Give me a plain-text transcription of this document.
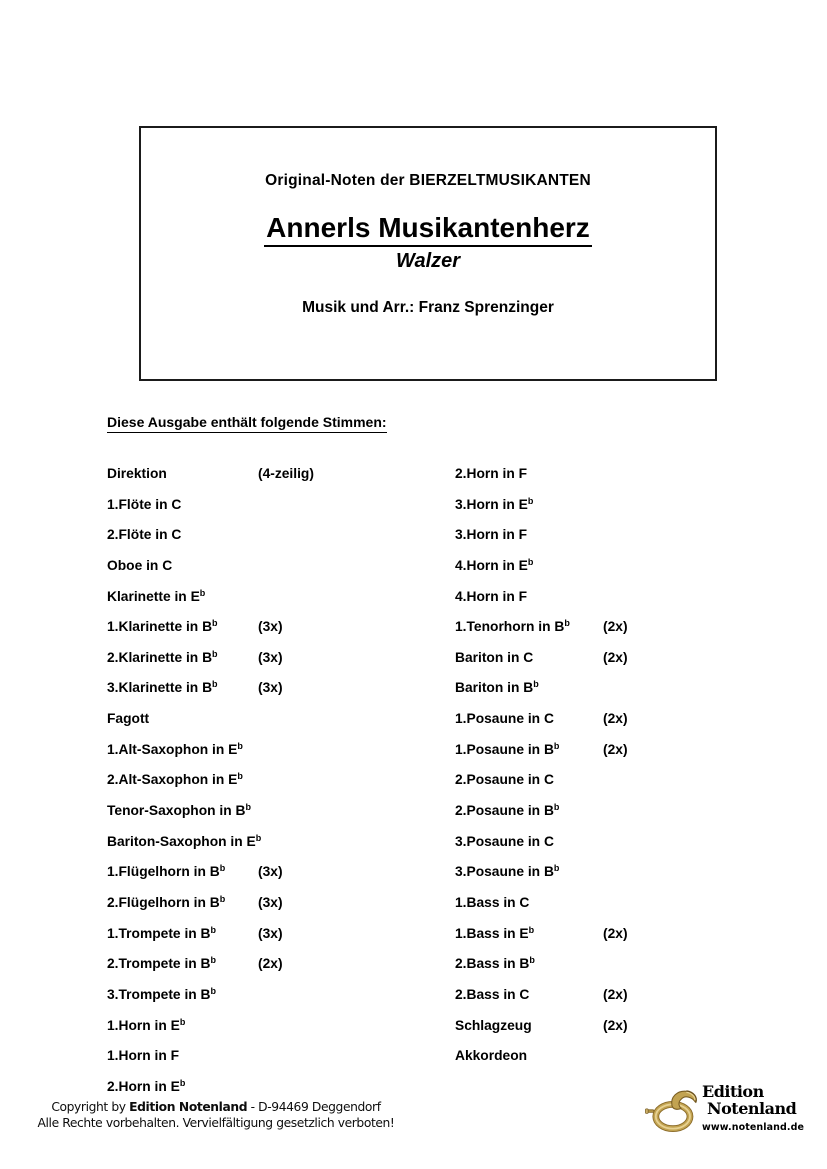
Original-Noten der BIERZELTMUSIKANTEN
Annerls Musikantenherz
Walzer
Musik und Arr.: Franz Sprenzinger
Diese Ausgabe enthält folgende Stimmen:
Direktion	(4-zeilig)
1.Flöte in C
2.Flöte in C
Oboe in C
Klarinette in $E^b$
1.Klarinette in $B^b$	(3x)
2.Klarinette in $B^b$	(3x)
3.Klarinette in $B^b$	(3x)
Fagott
1.Alt-Saxophon in $E^b$
2.Alt-Saxophon in $E^b$
Tenor-Saxophon in $B^b$
Bariton-Saxophon in $E^b$
1.Flügelhorn in $B^b$	(3x)
2.Flügelhorn in $B^b$	(3x)
1.Trompete in $B^b$	(3x)
2.Trompete in $B^b$	(2x)
3.Trompete in $B^b$
1.Horn in $E^b$
1.Horn in F
2.Horn in $E^b$
2.Horn in F
3.Horn in $E^b$
3.Horn in F
4.Horn in $E^b$
4.Horn in F
1.Tenorhorn in $B^b$	(2x)
Bariton in C	(2x)
Bariton in $B^b$
1.Posaune in C	(2x)
1.Posaune in $B^b$	(2x)
2.Posaune in C
2.Posaune in $B^b$
3.Posaune in C
3.Posaune in $B^b$
1.Bass in C
1.Bass in $E^b$	(2x)
2.Bass in $B^b$
2.Bass in C	(2x)
Schlagzeug	(2x)
Akkordeon
Copyright by Edition Notenland - D-94469 Deggendorf
Alle Rechte vorbehalten. Vervielfältigung gesetzlich verboten!
Edition
Notenland
www.notenland.de
